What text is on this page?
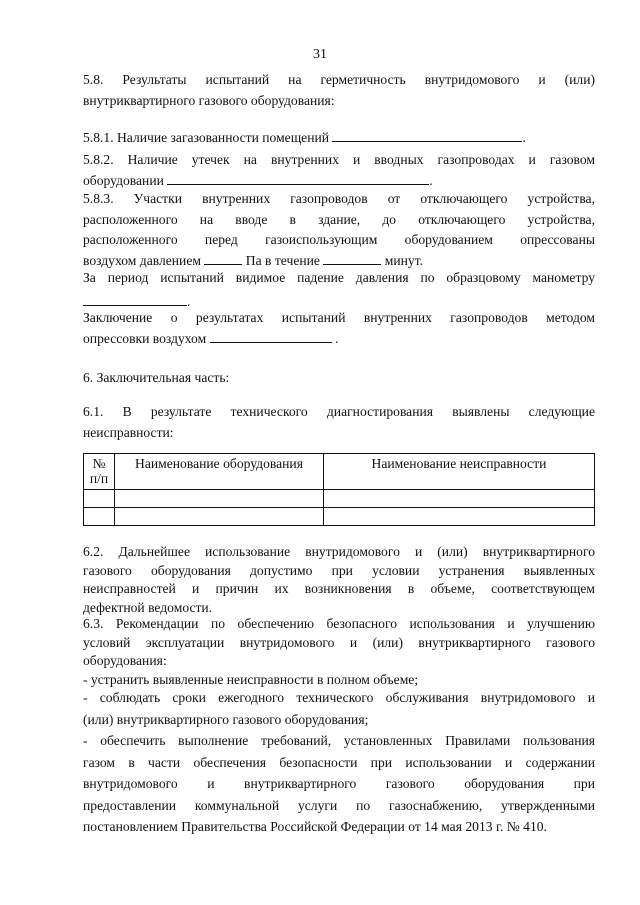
31

5.8. Результаты испытаний на герметичность внутридомового и (или)

внутриквартирного газового оборудования:

5.8.1. Наличие загазованности помещений	.

5.8.2. Наличие утечек на внутренних и вводных газопроводах и газовом

оборудовании	.

5.8.3. Участки внутренних газопроводов от отключающего устройства,

расположенного на вводе в здание, до отключающего устройства,

расположенного перед газоиспользующим оборудованием опрессованы

воздухом давлением	Па в течение	минут.

За период испытаний видимое падение давления по образцовому манометру

.

Заключение о результатах испытаний внутренних газопроводов методом

опрессовки воздухом	.

6. Заключительная часть:

6.1. В результате технического диагностирования выявлены следующие

неисправности:

№
п/п	Наименование оборудования	Наименование неисправности

6.2. Дальнейшее использование внутридомового и (или) внутриквартирного

газового оборудования допустимо при условии устранения выявленных

неисправностей и причин их возникновения в объеме, соответствующем

дефектной ведомости.

6.3. Рекомендации по обеспечению безопасного использования и улучшению

условий эксплуатации внутридомового и (или) внутриквартирного газового

оборудования:

- устранить выявленные неисправности в полном объеме;

- соблюдать сроки ежегодного технического обслуживания внутридомового и

(или) внутриквартирного газового оборудования;

- обеспечить выполнение требований, установленных Правилами пользования

газом в части обеспечения безопасности при использовании и содержании

внутридомового и внутриквартирного газового оборудования при

предоставлении коммунальной услуги по газоснабжению, утвержденными

постановлением Правительства Российской Федерации от 14 мая 2013 г. № 410.
